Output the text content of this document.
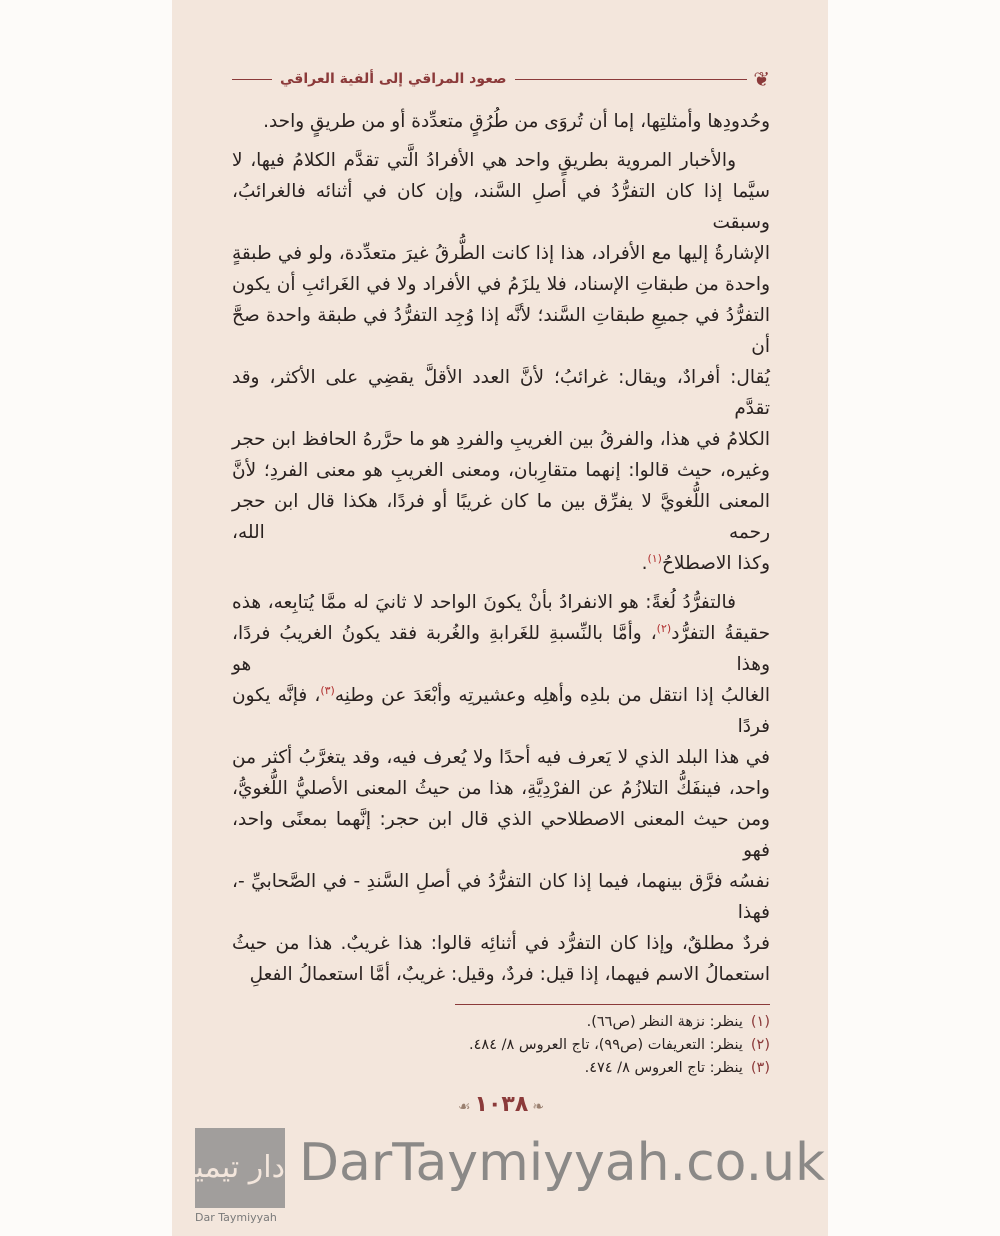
❦
صعود المراقي إلى ألفية العراقي
وحُدودِها وأمثلتِها، إما أن تُروَى من طُرُقٍ متعدِّدة أو من طريقٍ واحد.
والأخبار المروية بطريقٍ واحد هي الأفرادُ الَّتي تقدَّم الكلامُ فيها، لا
سيَّما إذا كان التفرُّدُ في أصلِ السَّند، وإن كان في أثنائه فالغرائبُ، وسبقت
الإشارةُ إليها مع الأفراد، هذا إذا كانت الطُّرقُ غيرَ متعدِّدة، ولو في طبقةٍ
واحدة من طبقاتِ الإسناد، فلا يلزَمُ في الأفراد ولا في الغَرائبِ أن يكون
التفرُّدُ في جميعِ طبقاتِ السَّند؛ لأنَّه إذا وُجِد التفرُّدُ في طبقة واحدة صحَّ أن
يُقال: أفرادٌ، ويقال: غرائبُ؛ لأنَّ العدد الأقلَّ يقضِي على الأكثر، وقد تقدَّم
الكلامُ في هذا، والفرقُ بين الغريبِ والفردِ هو ما حرَّرهُ الحافظ ابن حجر
وغيره، حيث قالوا: إنهما متقارِبان، ومعنى الغريبِ هو معنى الفردِ؛ لأنَّ
المعنى اللُّغويَّ لا يفرِّق بين ما كان غريبًا أو فردًا، هكذا قال ابن حجر رحمه الله،
وكذا الاصطلاحُ$^{(١)}$.
فالتفرُّدُ لُغةً: هو الانفرادُ بأنْ يكونَ الواحد لا ثانيَ له ممَّا يُتابِعه، هذه
حقيقةُ التفرُّد$^{(٢)}$، وأمَّا بالنِّسبةِ للغَرابةِ والغُربة فقد يكونُ الغريبُ فردًا، وهذا هو
الغالبُ إذا انتقل من بلدِه وأهلِه وعشيرتِه وأبْعَدَ عن وطنِه$^{(٣)}$، فإنَّه يكون فردًا
في هذا البلد الذي لا يَعرف فيه أحدًا ولا يُعرف فيه، وقد يتغرَّبُ أكثر من
واحد، فينفَكُّ التلازُمُ عن الفرْدِيَّةِ، هذا من حيثُ المعنى الأصليُّ اللُّغويُّ،
ومن حيث المعنى الاصطلاحي الذي قال ابن حجر: إنَّهما بمعنًى واحد، فهو
نفسُه فرَّق بينهما، فيما إذا كان التفرُّدُ في أصلِ السَّندِ - في الصَّحابيِّ -، فهذا
فردٌ مطلقٌ، وإذا كان التفرُّد في أثنائِه قالوا: هذا غريبٌ. هذا من حيثُ
استعمالُ الاسم فيهما، إذا قيل: فردٌ، وقيل: غريبٌ، أمَّا استعمالُ الفعلِ
(١)ينظر: نزهة النظر (ص٦٦).
(٢)ينظر: التعريفات (ص٩٩)، تاج العروس ٨/ ٤٨٤.
(٣)ينظر: تاج العروس ٨/ ٤٧٤.
❧١٠٣٨☙
دار تيمية
Dar Taymiyyah
DarTaymiyyah.co.uk
